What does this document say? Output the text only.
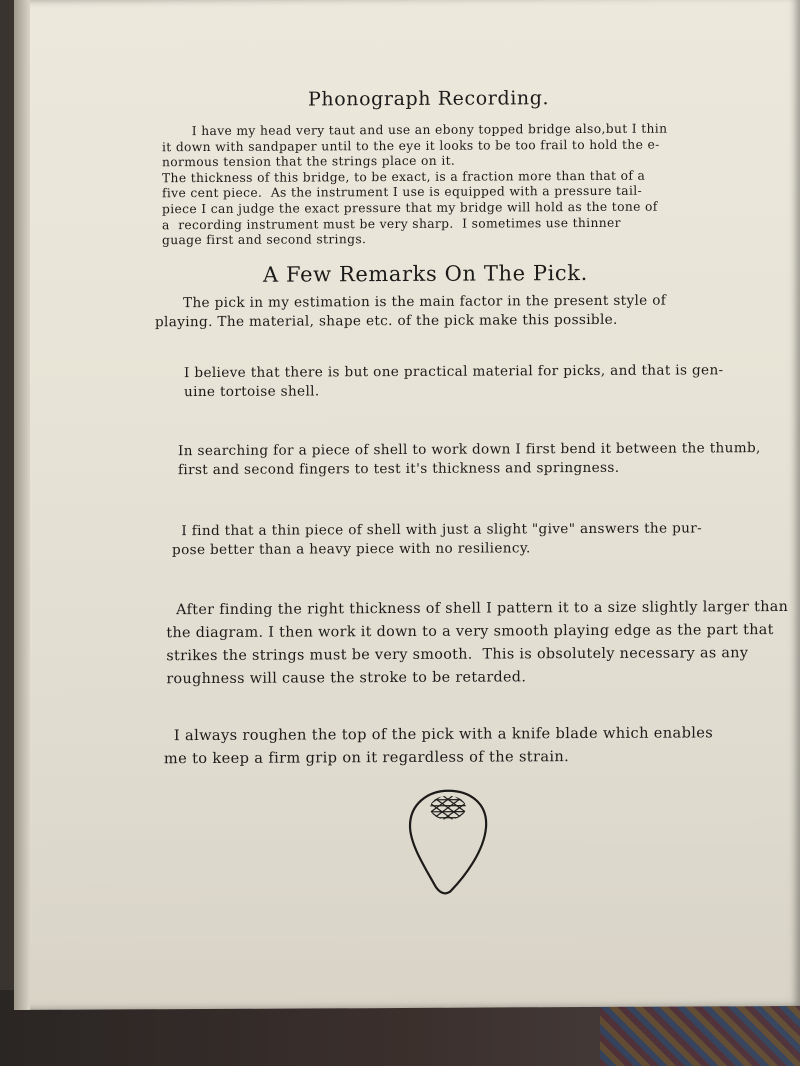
Phonograph Recording.
I have my head very taut and use an ebony topped bridge also,but I thin
it down with sandpaper until to the eye it looks to be too frail to hold the e-
normous tension that the strings place on it.
The thickness of this bridge, to be exact, is a fraction more than that of a
five cent piece.  As the instrument I use is equipped with a pressure tail-
piece I can judge the exact pressure that my bridge will hold as the tone of
a  recording instrument must be very sharp.  I sometimes use thinner
guage first and second strings.
A Few Remarks On The Pick.
The pick in my estimation is the main factor in the present style of
playing. The material, shape etc. of the pick make this possible.
I believe that there is but one practical material for picks, and that is gen-
uine tortoise shell.
In searching for a piece of shell to work down I first bend it between the thumb,
first and second fingers to test it's thickness and springness.
I find that a thin piece of shell with just a slight "give" answers the pur-
pose better than a heavy piece with no resiliency.
After finding the right thickness of shell I pattern it to a size slightly larger than
the diagram. I then work it down to a very smooth playing edge as the part that
strikes the strings must be very smooth.  This is obsolutely necessary as any
roughness will cause the stroke to be retarded.
I always roughen the top of the pick with a knife blade which enables
me to keep a firm grip on it regardless of the strain.
